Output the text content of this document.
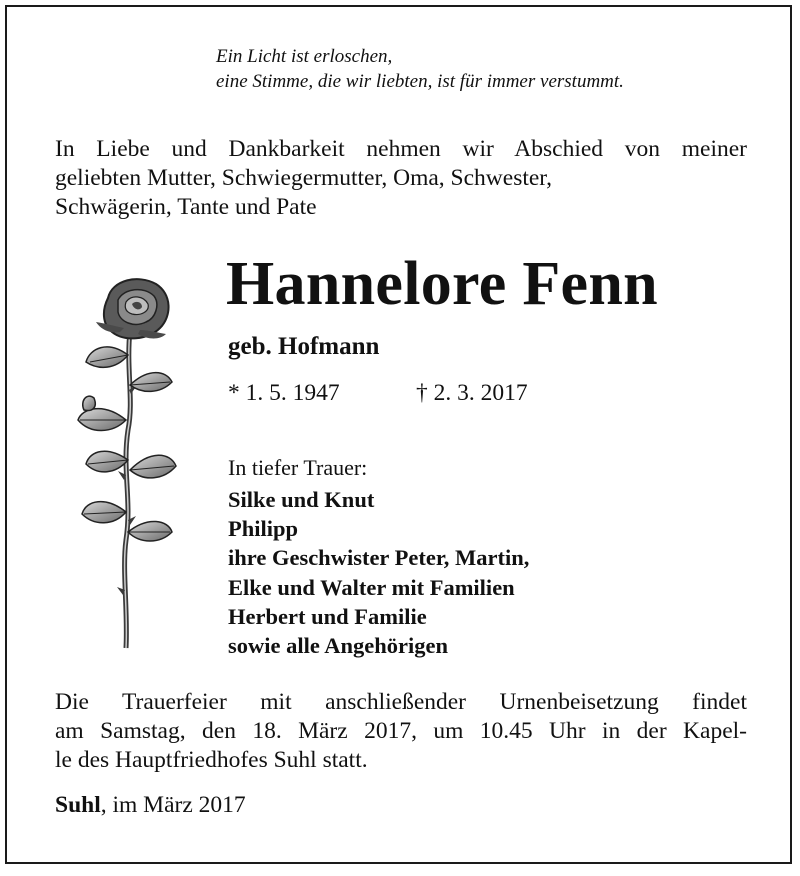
Ein Licht ist erloschen,
eine Stimme, die wir liebten, ist für immer verstummt.
In Liebe und Dankbarkeit nehmen wir Abschied von meiner
geliebten Mutter, Schwiegermutter, Oma, Schwester,
Schwägerin, Tante und Pate
Hannelore Fenn
geb. Hofmann
* 1. 5. 1947	† 2. 3. 2017
In tiefer Trauer:
Silke und Knut
Philipp
ihre Geschwister Peter, Martin,
Elke und Walter mit Familien
Herbert und Familie
sowie alle Angehörigen
Die Trauerfeier mit anschließender Urnenbeisetzung findet
am Samstag, den 18. März 2017, um 10.45 Uhr in der Kapel-
le des Hauptfriedhofes Suhl statt.
Suhl, im März 2017
